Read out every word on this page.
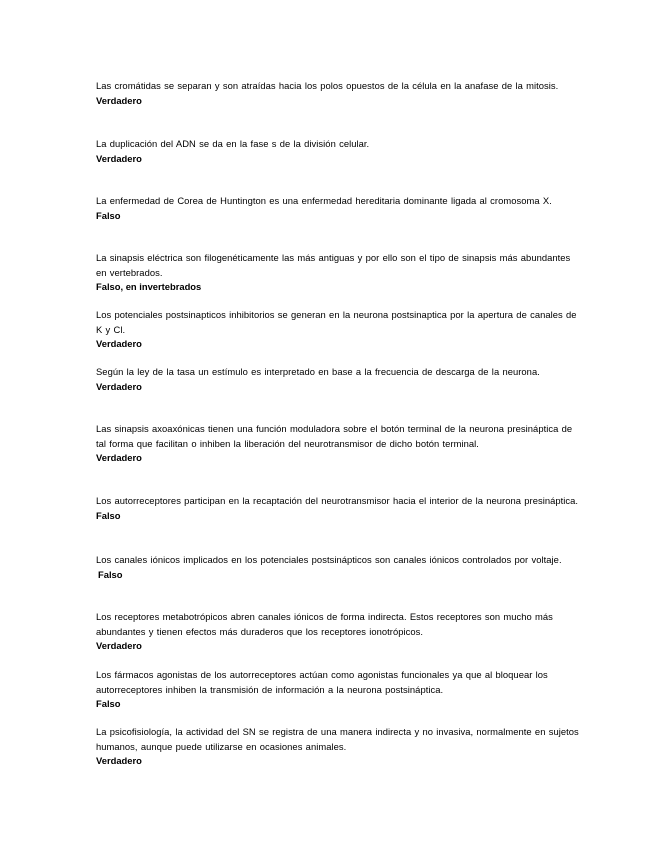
Las cromátidas se separan y son atraídas hacia los polos opuestos de la célula en la anafase de la mitosis.
Verdadero
La duplicación del ADN se da en la fase s de la división celular.
Verdadero
La enfermedad de Corea de Huntington es una enfermedad hereditaria dominante ligada al cromosoma X.
Falso
La sinapsis eléctrica son filogenéticamente las más antiguas y por ello son el tipo de sinapsis más abundantes en vertebrados.
Falso, en invertebrados
Los potenciales postsinapticos inhibitorios se generan en la neurona postsinaptica por la apertura de canales de K y Cl.
Verdadero
Según la ley de la tasa un estímulo es interpretado en base a la frecuencia de descarga de la neurona.
Verdadero
Las sinapsis axoaxónicas tienen una función moduladora sobre el botón terminal de la neurona presináptica de tal forma que facilitan o inhiben la liberación del neurotransmisor de dicho botón terminal.
Verdadero
Los autorreceptores participan en la recaptación del neurotransmisor hacia el interior de la neurona presináptica.
Falso
Los canales iónicos implicados en los potenciales postsinápticos son canales iónicos controlados por voltaje.
Falso
Los receptores metabotrópicos abren canales iónicos de forma indirecta. Estos receptores son mucho más abundantes y tienen efectos más duraderos que los receptores ionotrópicos.
Verdadero
Los fármacos agonistas de los autorreceptores actúan como agonistas funcionales ya que al bloquear los autorreceptores inhiben la transmisión de información a la neurona postsináptica.
Falso
La psicofisiología, la actividad del SN se registra de una manera indirecta y no invasiva, normalmente en sujetos humanos, aunque puede utilizarse en ocasiones animales.
Verdadero
